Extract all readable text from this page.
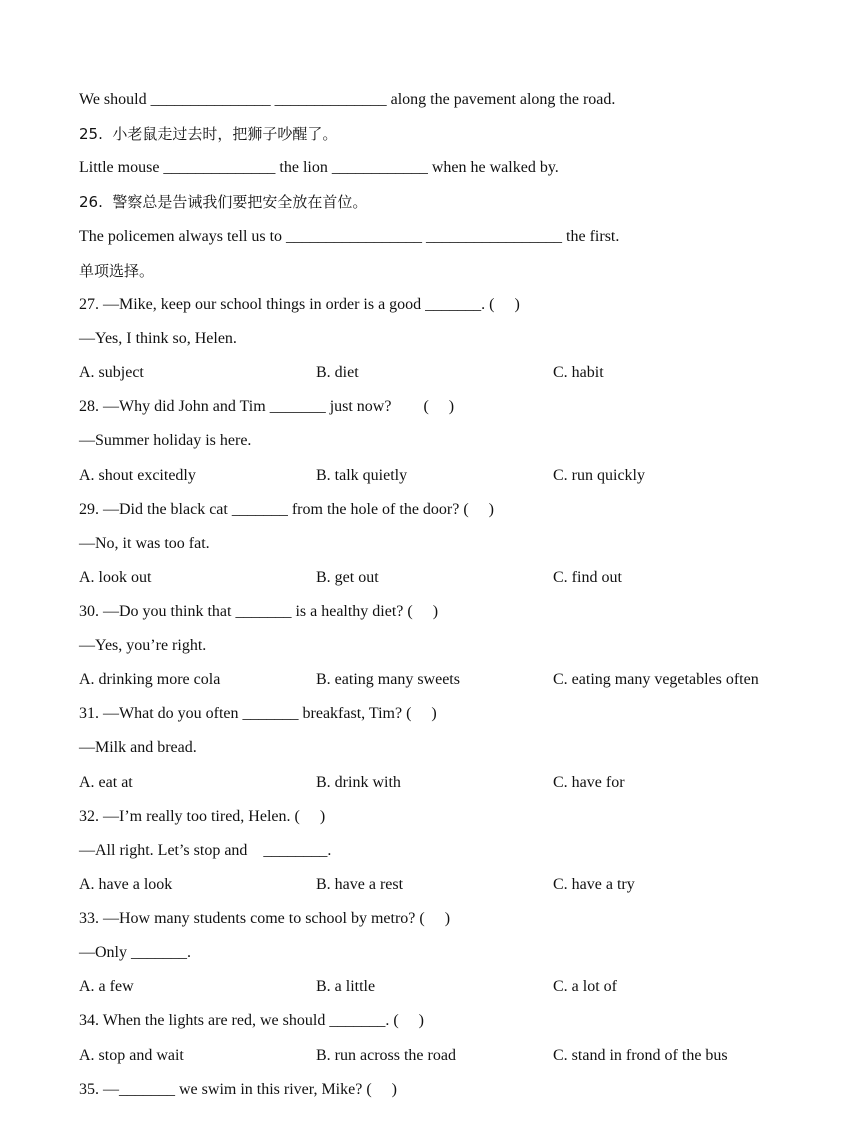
We should _______________ ______________ along the pavement along the road.
25.  小老鼠走过去时，把狮子吵醒了。
Little mouse ______________ the lion ____________ when he walked by.
26.  警察总是告诫我们要把安全放在首位。
The policemen always tell us to _________________ _________________ the first.
单项选择。
27. —Mike, keep our school things in order is a good _______. (     )
—Yes, I think so, Helen.
A. subject	B. diet	C. habit
28. —Why did John and Tim _______ just now?        (     )
—Summer holiday is here.
A. shout excitedly	B. talk quietly	C. run quickly
29. —Did the black cat _______ from the hole of the door? (     )
—No, it was too fat.
A. look out	B. get out	C. find out
30. —Do you think that _______ is a healthy diet? (     )
—Yes, you’re right.
A. drinking more cola	B. eating many sweets	C. eating many vegetables often
31. —What do you often _______ breakfast, Tim? (     )
—Milk and bread.
A. eat at	B. drink with	C. have for
32. —I’m really too tired, Helen. (     )
—All right. Let’s stop and    ________.
A. have a look	B. have a rest	C. have a try
33. —How many students come to school by metro? (     )
—Only _______.
A. a few	B. a little	C. a lot of
34. When the lights are red, we should _______. (     )
A. stop and wait	B. run across the road	C. stand in frond of the bus
35. —_______ we swim in this river, Mike? (     )
